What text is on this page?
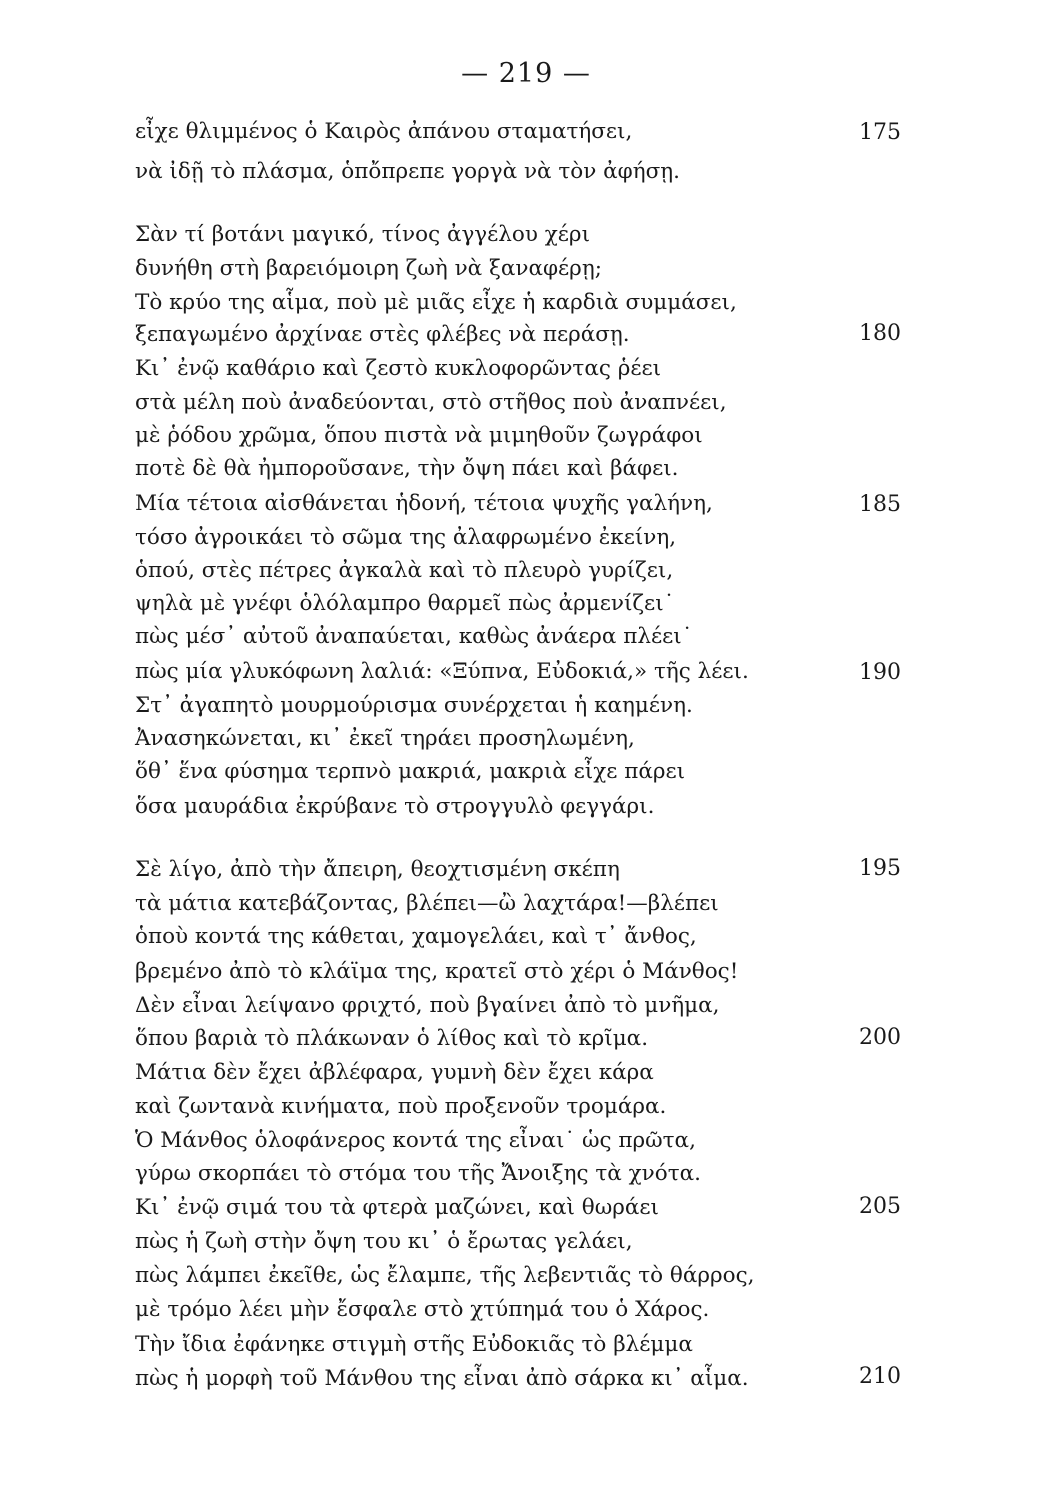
— 219 —
εἶχε θλιμμένος ὁ Καιρὸς ἀπάνου σταματήσει,
νὰ ἰδῇ τὸ πλάσμα, ὁπὄπρεπε γοργὰ νὰ τὸν ἀφήσῃ.
Σὰν τί βοτάνι μαγικό, τίνος ἀγγέλου χέρι
δυνήθη στὴ βαρειόμοιρη ζωὴ νὰ ξαναφέρῃ;
Τὸ κρύο της αἷμα, ποὺ μὲ μιᾶς εἶχε ἡ καρδιὰ συμμάσει,
ξεπαγωμένο ἀρχίναε στὲς φλέβες νὰ περάσῃ.
Κι᾽ ἐνῷ καθάριο καὶ ζεστὸ κυκλοφορῶντας ῥέει
στὰ μέλη ποὺ ἀναδεύονται, στὸ στῆθος ποὺ ἀναπνέει,
μὲ ῥόδου χρῶμα, ὅπου πιστὰ νὰ μιμηθοῦν ζωγράφοι
ποτὲ δὲ θὰ ἠμποροῦσανε, τὴν ὄψη πάει καὶ βάφει.
Μία τέτοια αἰσθάνεται ἡδονή, τέτοια ψυχῆς γαλήνη,
τόσο ἀγροικάει τὸ σῶμα της ἀλαφρωμένο ἐκείνη,
ὁπού, στὲς πέτρες ἀγκαλὰ καὶ τὸ πλευρὸ γυρίζει,
ψηλὰ μὲ γνέφι ὁλόλαμπρο θαρμεῖ πὼς ἀρμενίζει˙
πὼς μέσ᾽ αὐτοῦ ἀναπαύεται, καθὼς ἀνάερα πλέει˙
πὼς μία γλυκόφωνη λαλιά: «Ξύπνα, Εὐδοκιά,» τῆς λέει.
Στ᾽ ἀγαπητὸ μουρμούρισμα συνέρχεται ἡ καημένη.
Ἀνασηκώνεται, κι᾽ ἐκεῖ τηράει προσηλωμένη,
ὅθ᾽ ἕνα φύσημα τερπνὸ μακριά, μακριὰ εἶχε πάρει
ὅσα μαυράδια ἐκρύβανε τὸ στρογγυλὸ φεγγάρι.
Σὲ λίγο, ἀπὸ τὴν ἄπειρη, θεοχτισμένη σκέπη
τὰ μάτια κατεβάζοντας, βλέπει—ὢ λαχτάρα!—βλέπει
ὁποὺ κοντά της κάθεται, χαμογελάει, καὶ τ᾽ ἄνθος,
βρεμένο ἀπὸ τὸ κλάϊμα της, κρατεῖ στὸ χέρι ὁ Μάνθος!
Δὲν εἶναι λείψανο φριχτό, ποὺ βγαίνει ἀπὸ τὸ μνῆμα,
ὅπου βαριὰ τὸ πλάκωναν ὁ λίθος καὶ τὸ κρῖμα.
Μάτια δὲν ἔχει ἀβλέφαρα, γυμνὴ δὲν ἔχει κάρα
καὶ ζωντανὰ κινήματα, ποὺ προξενοῦν τρομάρα.
Ὁ Μάνθος ὁλοφάνερος κοντά της εἶναι˙ ὡς πρῶτα,
γύρω σκορπάει τὸ στόμα του τῆς Ἄνοιξης τὰ χνότα.
Κι᾽ ἐνῷ σιμά του τὰ φτερὰ μαζώνει, καὶ θωράει
πὼς ἡ ζωὴ στὴν ὄψη του κι᾽ ὁ ἔρωτας γελάει,
πὼς λάμπει ἐκεῖθε, ὡς ἔλαμπε, τῆς λεβεντιᾶς τὸ θάρρος,
μὲ τρόμο λέει μὴν ἔσφαλε στὸ χτύπημά του ὁ Χάρος.
Τὴν ἴδια ἐφάνηκε στιγμὴ στῆς Εὐδοκιᾶς τὸ βλέμμα
πὼς ἡ μορφὴ τοῦ Μάνθου της εἶναι ἀπὸ σάρκα κι᾽ αἷμα.
175
180
185
190
195
200
205
210
